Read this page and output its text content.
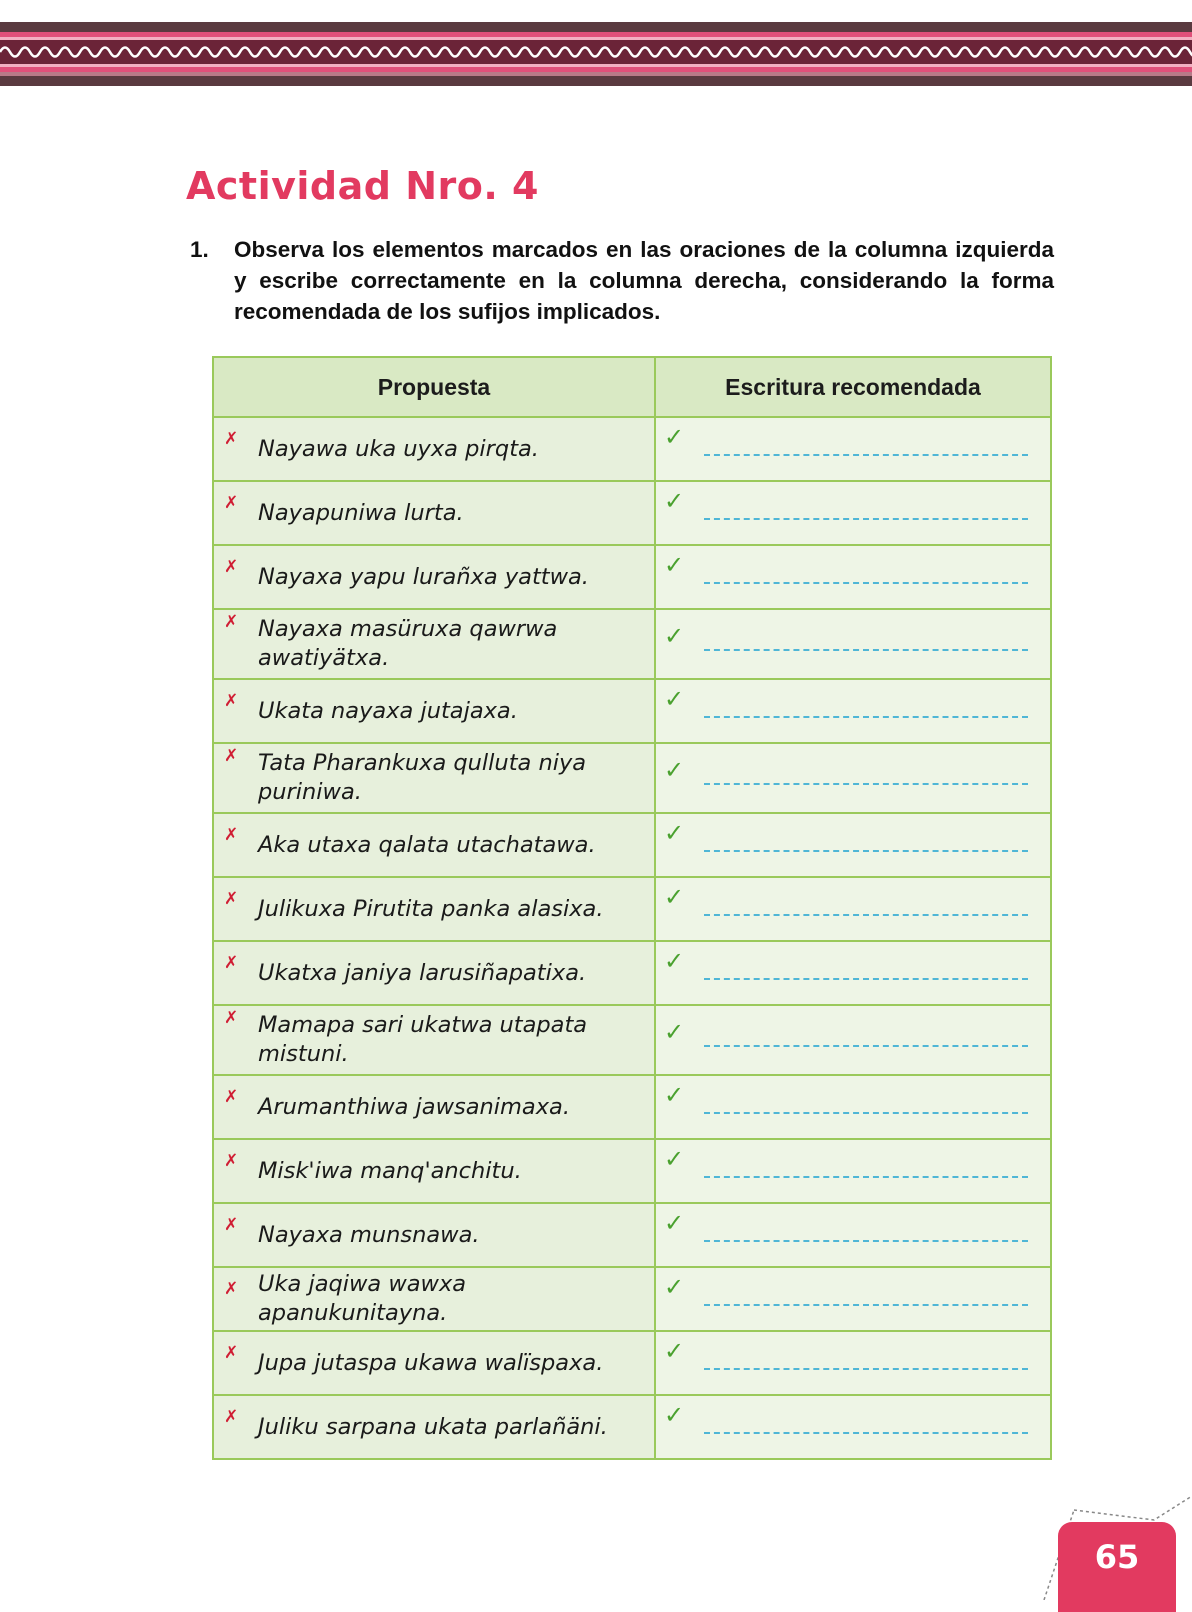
Actividad Nro. 4
1. Observa los elementos marcados en las oraciones de la columna izquierda y escribe correctamente en la columna derecha, considerando la forma recomendada de los sufijos implicados.
Propuesta	Escritura recomendada

✗ Nayawa uka uyxa pirqta.	✓

✗ Nayapuniwa lurta.	✓

✗ Nayaxa yapu lurañxa yattwa.	✓

✗ Nayaxa masüruxa qawrwa awatiyätxa.	✓

✗ Ukata nayaxa jutajaxa.	✓

✗ Tata Pharankuxa qulluta niya puriniwa.	✓

✗ Aka utaxa qalata utachatawa.	✓

✗ Julikuxa Pirutita panka alasixa.	✓

✗ Ukatxa janiya larusiñapatixa.	✓

✗ Mamapa sari ukatwa utapata mistuni.	✓

✗ Arumanthiwa jawsanimaxa.	✓

✗ Misk'iwa manq'anchitu.	✓

✗ Nayaxa munsnawa.	✓

✗ Uka jaqiwa wawxa apanukunitayna.	✓

✗ Jupa jutaspa ukawa walïspaxa.	✓

✗ Juliku sarpana ukata parlañäni.	✓
65
